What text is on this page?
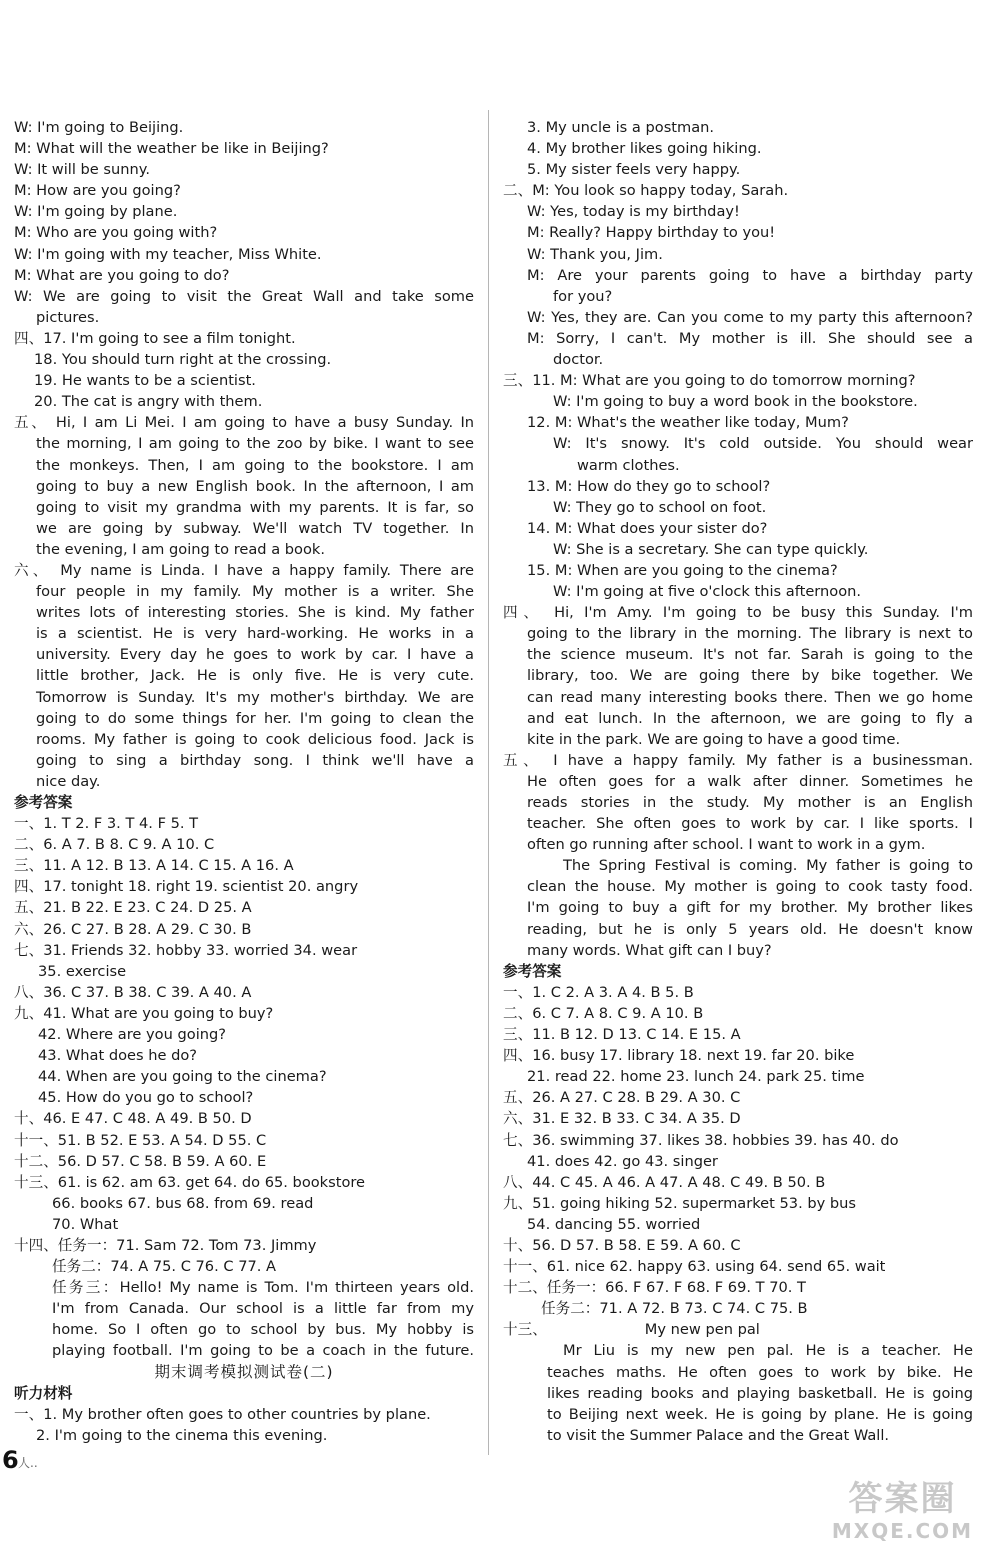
W: I'm going to Beijing.
M: What will the weather be like in Beijing?
W: It will be sunny.
M: How are you going?
W: I'm going by plane.
M: Who are you going with?
W: I'm going with my teacher, Miss White.
M: What are you going to do?
W: We are going to visit the Great Wall and take some
pictures.
四、17. I'm going to see a film tonight.
18. You should turn right at the crossing.
19. He wants to be a scientist.
20. The cat is angry with them.
五、 Hi, I am Li Mei. I am going to have a busy Sunday. In
the morning, I am going to the zoo by bike. I want to see
the monkeys. Then, I am going to the bookstore. I am
going to buy a new English book. In the afternoon, I am
going to visit my grandma with my parents. It is far, so
we are going by subway. We'll watch TV together. In
the evening, I am going to read a book.
六、 My name is Linda. I have a happy family. There are
four people in my family. My mother is a writer. She
writes lots of interesting stories. She is kind. My father
is a scientist. He is very hard-working. He works in a
university. Every day he goes to work by car. I have a
little brother, Jack. He is only five. He is very cute.
Tomorrow is Sunday. It's my mother's birthday. We are
going to do some things for her. I'm going to clean the
rooms. My father is going to cook delicious food. Jack is
going to sing a birthday song. I think we'll have a
nice day.
参考答案
一、1. T 2. F 3. T 4. F 5. T
二、6. A 7. B 8. C 9. A 10. C
三、11. A 12. B 13. A 14. C 15. A 16. A
四、17. tonight 18. right 19. scientist 20. angry
五、21. B 22. E 23. C 24. D 25. A
六、26. C 27. B 28. A 29. C 30. B
七、31. Friends 32. hobby 33. worried 34. wear
35. exercise
八、36. C 37. B 38. C 39. A 40. A
九、41. What are you going to buy?
42. Where are you going?
43. What does he do?
44. When are you going to the cinema?
45. How do you go to school?
十、46. E 47. C 48. A 49. B 50. D
十一、51. B 52. E 53. A 54. D 55. C
十二、56. D 57. C 58. B 59. A 60. E
十三、61. is 62. am 63. get 64. do 65. bookstore
66. books 67. bus 68. from 69. read
70. What
十四、任务一：71. Sam 72. Tom 73. Jimmy
任务二：74. A 75. C 76. C 77. A
任务三：Hello! My name is Tom. I'm thirteen years old.
I'm from Canada. Our school is a little far from my
home. So I often go to school by bus. My hobby is
playing football. I'm going to be a coach in the future.
期末调考模拟测试卷(二)
听力材料
一、1. My brother often goes to other countries by plane.
2. I'm going to the cinema this evening.
3. My uncle is a postman.
4. My brother likes going hiking.
5. My sister feels very happy.
二、M: You look so happy today, Sarah.
W: Yes, today is my birthday!
M: Really? Happy birthday to you!
W: Thank you, Jim.
M: Are your parents going to have a birthday party
for you?
W: Yes, they are. Can you come to my party this afternoon?
M: Sorry, I can't. My mother is ill. She should see a
doctor.
三、11. M: What are you going to do tomorrow morning?
W: I'm going to buy a word book in the bookstore.
12. M: What's the weather like today, Mum?
W: It's snowy. It's cold outside. You should wear
warm clothes.
13. M: How do they go to school?
W: They go to school on foot.
14. M: What does your sister do?
W: She is a secretary. She can type quickly.
15. M: When are you going to the cinema?
W: I'm going at five o'clock this afternoon.
四、 Hi, I'm Amy. I'm going to be busy this Sunday. I'm
going to the library in the morning. The library is next to
the science museum. It's not far. Sarah is going to the
library, too. We are going there by bike together. We
can read many interesting books there. Then we go home
and eat lunch. In the afternoon, we are going to fly a
kite in the park. We are going to have a good time.
五、 I have a happy family. My father is a businessman.
He often goes for a walk after dinner. Sometimes he
reads stories in the study. My mother is an English
teacher. She often goes to work by car. I like sports. I
often go running after school. I want to work in a gym.
The Spring Festival is coming. My father is going to
clean the house. My mother is going to cook tasty food.
I'm going to buy a gift for my brother. My brother likes
reading, but he is only 5 years old. He doesn't know
many words. What gift can I buy?
参考答案
一、1. C 2. A 3. A 4. B 5. B
二、6. C 7. A 8. C 9. A 10. B
三、11. B 12. D 13. C 14. E 15. A
四、16. busy 17. library 18. next 19. far 20. bike
21. read 22. home 23. lunch 24. park 25. time
五、26. A 27. C 28. B 29. A 30. C
六、31. E 32. B 33. C 34. A 35. D
七、36. swimming 37. likes 38. hobbies 39. has 40. do
41. does 42. go 43. singer
八、44. C 45. A 46. A 47. A 48. C 49. B 50. B
九、51. going hiking 52. supermarket 53. by bus
54. dancing 55. worried
十、56. D 57. B 58. E 59. A 60. C
十一、61. nice 62. happy 63. using 64. send 65. wait
十二、任务一：66. F 67. F 68. F 69. T 70. T
任务二：71. A 72. B 73. C 74. C 75. B
十三、	My new pen pal
Mr Liu is my new pen pal. He is a teacher. He
teaches maths. He often goes to work by bike. He
likes reading books and playing basketball. He is going
to Beijing next week. He is going by plane. He is going
to visit the Summer Palace and the Great Wall.
6 人..
答案圈
MXQE.COM
